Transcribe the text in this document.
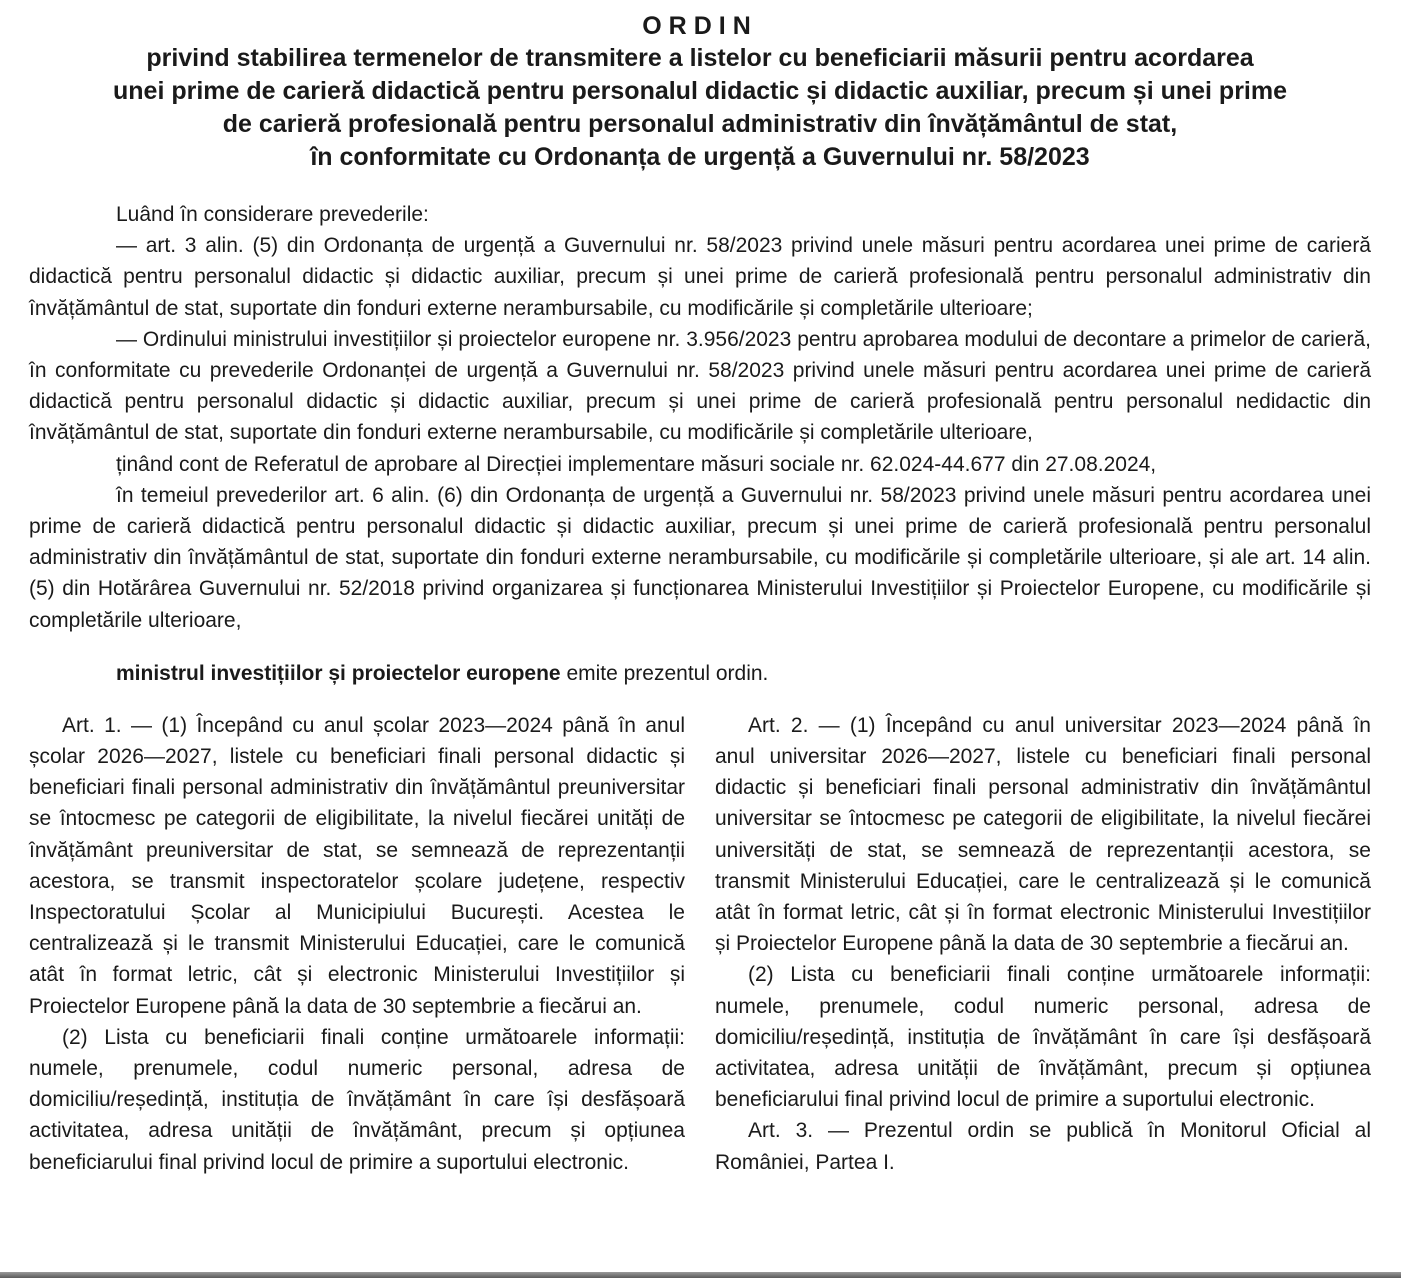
ORDIN
privind stabilirea termenelor de transmitere a listelor cu beneficiarii măsurii pentru acordarea
unei prime de carieră didactică pentru personalul didactic și didactic auxiliar, precum și unei prime
de carieră profesională pentru personalul administrativ din învățământul de stat,
în conformitate cu Ordonanța de urgență a Guvernului nr. 58/2023

Luând în considerare prevederile:

— art. 3 alin. (5) din Ordonanța de urgență a Guvernului nr. 58/2023 privind unele măsuri pentru acordarea unei prime de carieră didactică pentru personalul didactic și didactic auxiliar, precum și unei prime de carieră profesională pentru personalul administrativ din învățământul de stat, suportate din fonduri externe nerambursabile, cu modificările și completările ulterioare;

— Ordinului ministrului investițiilor și proiectelor europene nr. 3.956/2023 pentru aprobarea modului de decontare a primelor de carieră, în conformitate cu prevederile Ordonanței de urgență a Guvernului nr. 58/2023 privind unele măsuri pentru acordarea unei prime de carieră didactică pentru personalul didactic și didactic auxiliar, precum și unei prime de carieră profesională pentru personalul nedidactic din învățământul de stat, suportate din fonduri externe nerambursabile, cu modificările și completările ulterioare,

ținând cont de Referatul de aprobare al Direcției implementare măsuri sociale nr. 62.024-44.677 din 27.08.2024,

în temeiul prevederilor art. 6 alin. (6) din Ordonanța de urgență a Guvernului nr. 58/2023 privind unele măsuri pentru acordarea unei prime de carieră didactică pentru personalul didactic și didactic auxiliar, precum și unei prime de carieră profesională pentru personalul administrativ din învățământul de stat, suportate din fonduri externe nerambursabile, cu modificările și completările ulterioare, și ale art. 14 alin. (5) din Hotărârea Guvernului nr. 52/2018 privind organizarea și funcționarea Ministerului Investițiilor și Proiectelor Europene, cu modificările și completările ulterioare,

ministrul investițiilor și proiectelor europene emite prezentul ordin.

Art. 1. — (1) Începând cu anul școlar 2023—2024 până în anul școlar 2026—2027, listele cu beneficiari finali personal didactic și beneficiari finali personal administrativ din învățământul preuniversitar se întocmesc pe categorii de eligibilitate, la nivelul fiecărei unități de învățământ preuniversitar de stat, se semnează de reprezentanții acestora, se transmit inspectoratelor școlare județene, respectiv Inspectoratului Școlar al Municipiului București. Acestea le centralizează și le transmit Ministerului Educației, care le comunică atât în format letric, cât și electronic Ministerului Investițiilor și Proiectelor Europene până la data de 30 septembrie a fiecărui an.

(2) Lista cu beneficiarii finali conține următoarele informații: numele, prenumele, codul numeric personal, adresa de domiciliu/reședință, instituția de învățământ în care își desfășoară activitatea, adresa unității de învățământ, precum și opțiunea beneficiarului final privind locul de primire a suportului electronic.

Art. 2. — (1) Începând cu anul universitar 2023—2024 până în anul universitar 2026—2027, listele cu beneficiari finali personal didactic și beneficiari finali personal administrativ din învățământul universitar se întocmesc pe categorii de eligibilitate, la nivelul fiecărei universități de stat, se semnează de reprezentanții acestora, se transmit Ministerului Educației, care le centralizează și le comunică atât în format letric, cât și în format electronic Ministerului Investițiilor și Proiectelor Europene până la data de 30 septembrie a fiecărui an.

(2) Lista cu beneficiarii finali conține următoarele informații: numele, prenumele, codul numeric personal, adresa de domiciliu/reședință, instituția de învățământ în care își desfășoară activitatea, adresa unității de învățământ, precum și opțiunea beneficiarului final privind locul de primire a suportului electronic.

Art. 3. — Prezentul ordin se publică în Monitorul Oficial al României, Partea I.
